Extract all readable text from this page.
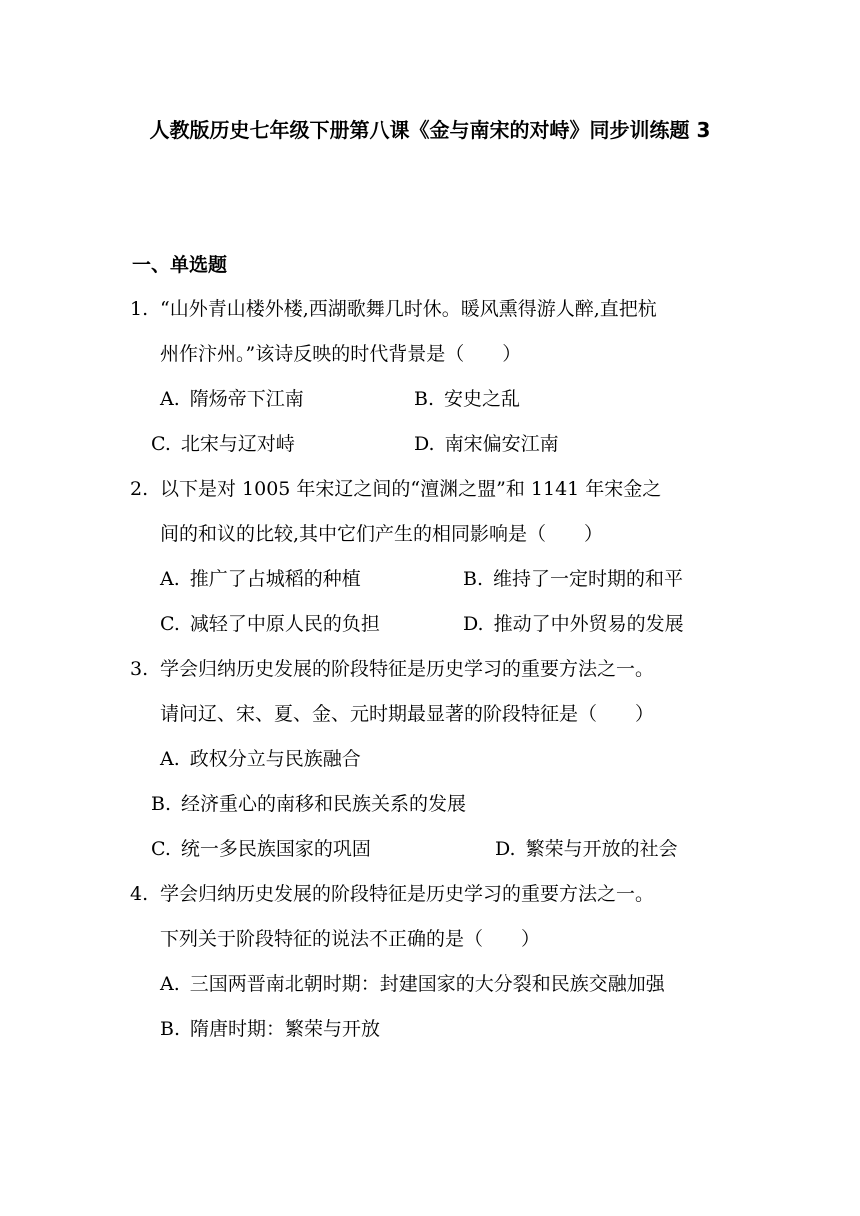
人教版历史七年级下册第八课《金与南宋的对峙》同步训练题 3
一、单选题
1. “山外青山楼外楼,西湖歌舞几时休。暖风熏得游人醉,直把杭
州作汴州。”该诗反映的时代背景是（　　）
A. 隋炀帝下江南	B. 安史之乱
C. 北宋与辽对峙	D. 南宋偏安江南
2. 以下是对 1005 年宋辽之间的“澶渊之盟”和 1141 年宋金之
间的和议的比较,其中它们产生的相同影响是（　　）
A. 推广了占城稻的种植	B. 维持了一定时期的和平
C. 减轻了中原人民的负担	D. 推动了中外贸易的发展
3. 学会归纳历史发展的阶段特征是历史学习的重要方法之一。
请问辽、宋、夏、金、元时期最显著的阶段特征是（　　）
A. 政权分立与民族融合
B. 经济重心的南移和民族关系的发展
C. 统一多民族国家的巩固	D. 繁荣与开放的社会
4. 学会归纳历史发展的阶段特征是历史学习的重要方法之一。
下列关于阶段特征的说法不正确的是（　　）
A. 三国两晋南北朝时期：封建国家的大分裂和民族交融加强
B. 隋唐时期：繁荣与开放
